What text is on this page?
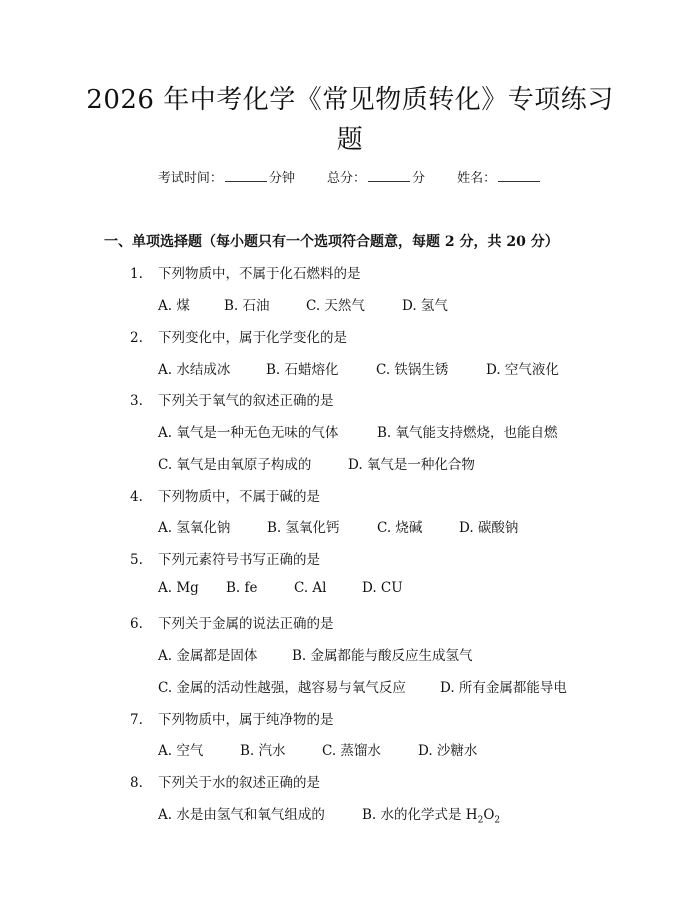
2026 年中考化学《常见物质转化》专项练习
题
考试时间：	分钟 总分：	分 姓名：
一、单项选择题（每小题只有一个选项符合题意，每题 2 分，共 20 分）
1. 下列物质中，不属于化石燃料的是
A. 煤	B. 石油	C. 天然气	D. 氢气
2. 下列变化中，属于化学变化的是
A. 水结成冰	B. 石蜡熔化	C. 铁锅生锈	D. 空气液化
3. 下列关于氧气的叙述正确的是
A. 氧气是一种无色无味的气体	B. 氧气能支持燃烧，也能自燃
C. 氧气是由氧原子构成的	D. 氧气是一种化合物
4. 下列物质中，不属于碱的是
A. 氢氧化钠	B. 氢氧化钙	C. 烧碱	D. 碳酸钠
5. 下列元素符号书写正确的是
A. Mg B. fe	C. Al	D. CU
6. 下列关于金属的说法正确的是
A. 金属都是固体	B. 金属都能与酸反应生成氢气
C. 金属的活动性越强，越容易与氧气反应	D. 所有金属都能导电
7. 下列物质中，属于纯净物的是
A. 空气	B. 汽水	C. 蒸馏水	D. 沙糖水
8. 下列关于水的叙述正确的是
A. 水是由氢气和氧气组成的	B. 水的化学式是 $H_2O_2$
